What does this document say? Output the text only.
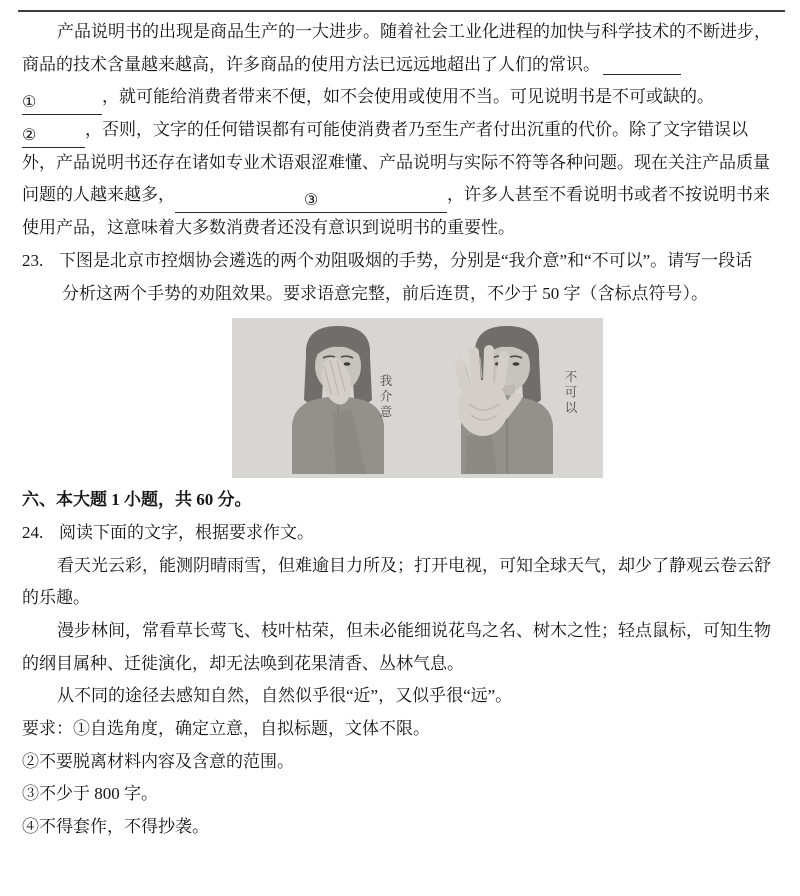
产品说明书的出现是商品生产的一大进步。随着社会工业化进程的加快与科学技术的不断进步，

商品的技术含量越来越高，许多商品的使用方法已远远地超出了人们的常识。

①	，就可能给消费者带来不便，如不会使用或使用不当。可见说明书是不可或缺的。

②	，否则，文字的任何错误都有可能使消费者乃至生产者付出沉重的代价。除了文字错误以

外，产品说明书还存在诸如专业术语艰涩难懂、产品说明与实际不符等各种问题。现在关注产品质量

问题的人越来越多，	③	，许多人甚至不看说明书或者不按说明书来

使用产品，这意味着大多数消费者还没有意识到说明书的重要性。

23. 下图是北京市控烟协会遴选的两个劝阻吸烟的手势，分别是“我介意”和“不可以”。请写一段话

分析这两个手势的劝阻效果。要求语意完整，前后连贯，不少于 50 字（含标点符号）。

我介意	不可以

六、本大题 1 小题，共 60 分。

24. 阅读下面的文字，根据要求作文。

看天光云彩，能测阴晴雨雪，但难逾目力所及；打开电视，可知全球天气，却少了静观云卷云舒

的乐趣。

漫步林间，常看草长莺飞、枝叶枯荣，但未必能细说花鸟之名、树木之性；轻点鼠标，可知生物

的纲目属种、迁徙演化，却无法唤到花果清香、丛林气息。

从不同的途径去感知自然，自然似乎很“近”，又似乎很“远”。

要求：①自选角度，确定立意，自拟标题，文体不限。

②不要脱离材料内容及含意的范围。

③不少于 800 字。

④不得套作，不得抄袭。
